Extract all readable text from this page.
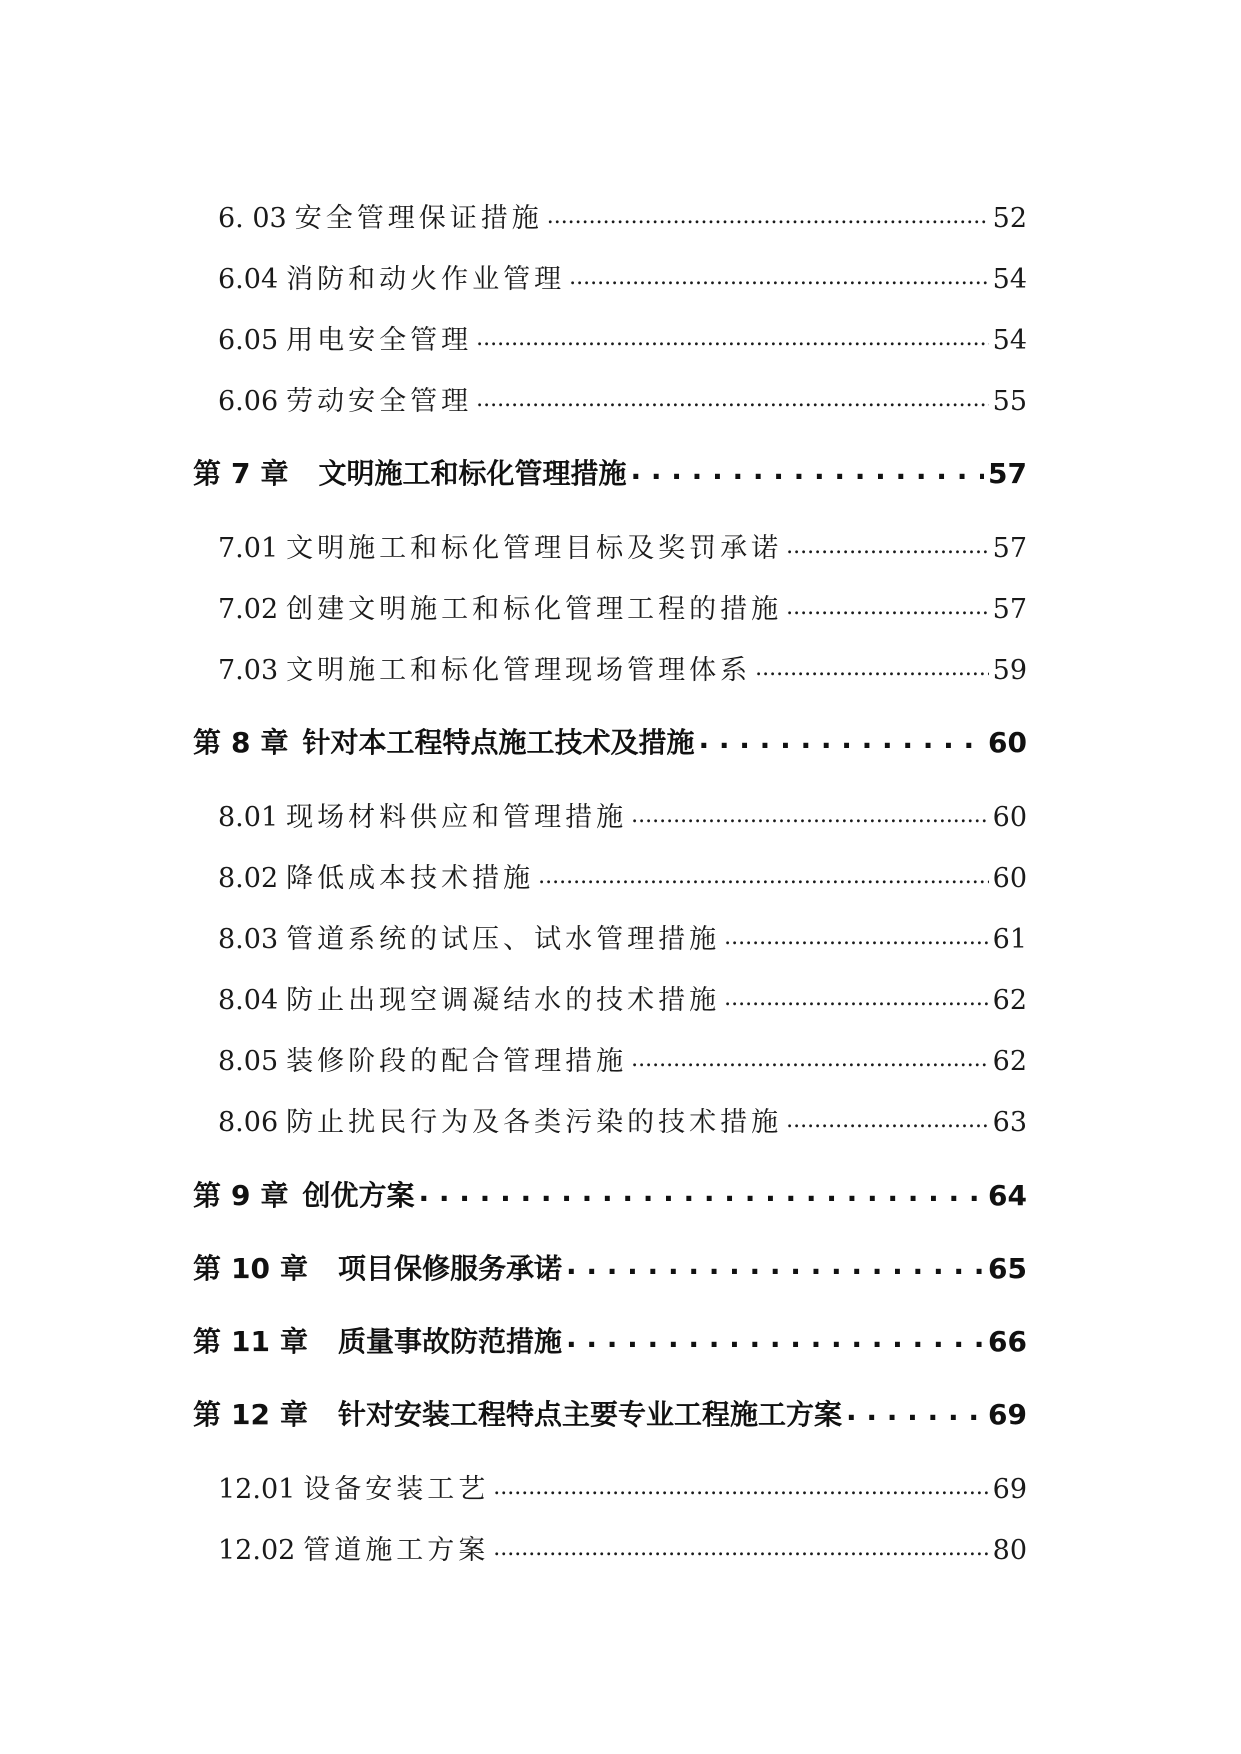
6. 03 安全管理保证措施 .....	52
6.04 消防和动火作业管理 .....	54
6.05 用电安全管理 .....	54
6.06 劳动安全管理 .....	55
第 7 章 文明施工和标化管理措施 . . .	57
7.01 文明施工和标化管理目标及奖罚承诺 .....	57
7.02 创建文明施工和标化管理工程的措施 .....	57
7.03 文明施工和标化管理现场管理体系 .....	59
第 8 章 针对本工程特点施工技术及措施 . . .	60
8.01 现场材料供应和管理措施 .....	60
8.02 降低成本技术措施 .....	60
8.03 管道系统的试压、试水管理措施 .....	61
8.04 防止出现空调凝结水的技术措施 .....	62
8.05 装修阶段的配合管理措施 .....	62
8.06 防止扰民行为及各类污染的技术措施 .....	63
第 9 章 创优方案 . . .	64
第 10 章 项目保修服务承诺 . . .	65
第 11 章 质量事故防范措施 . . .	66
第 12 章 针对安装工程特点主要专业工程施工方案 . . .	69
12.01 设备安装工艺 .....	69
12.02 管道施工方案 .....	80
